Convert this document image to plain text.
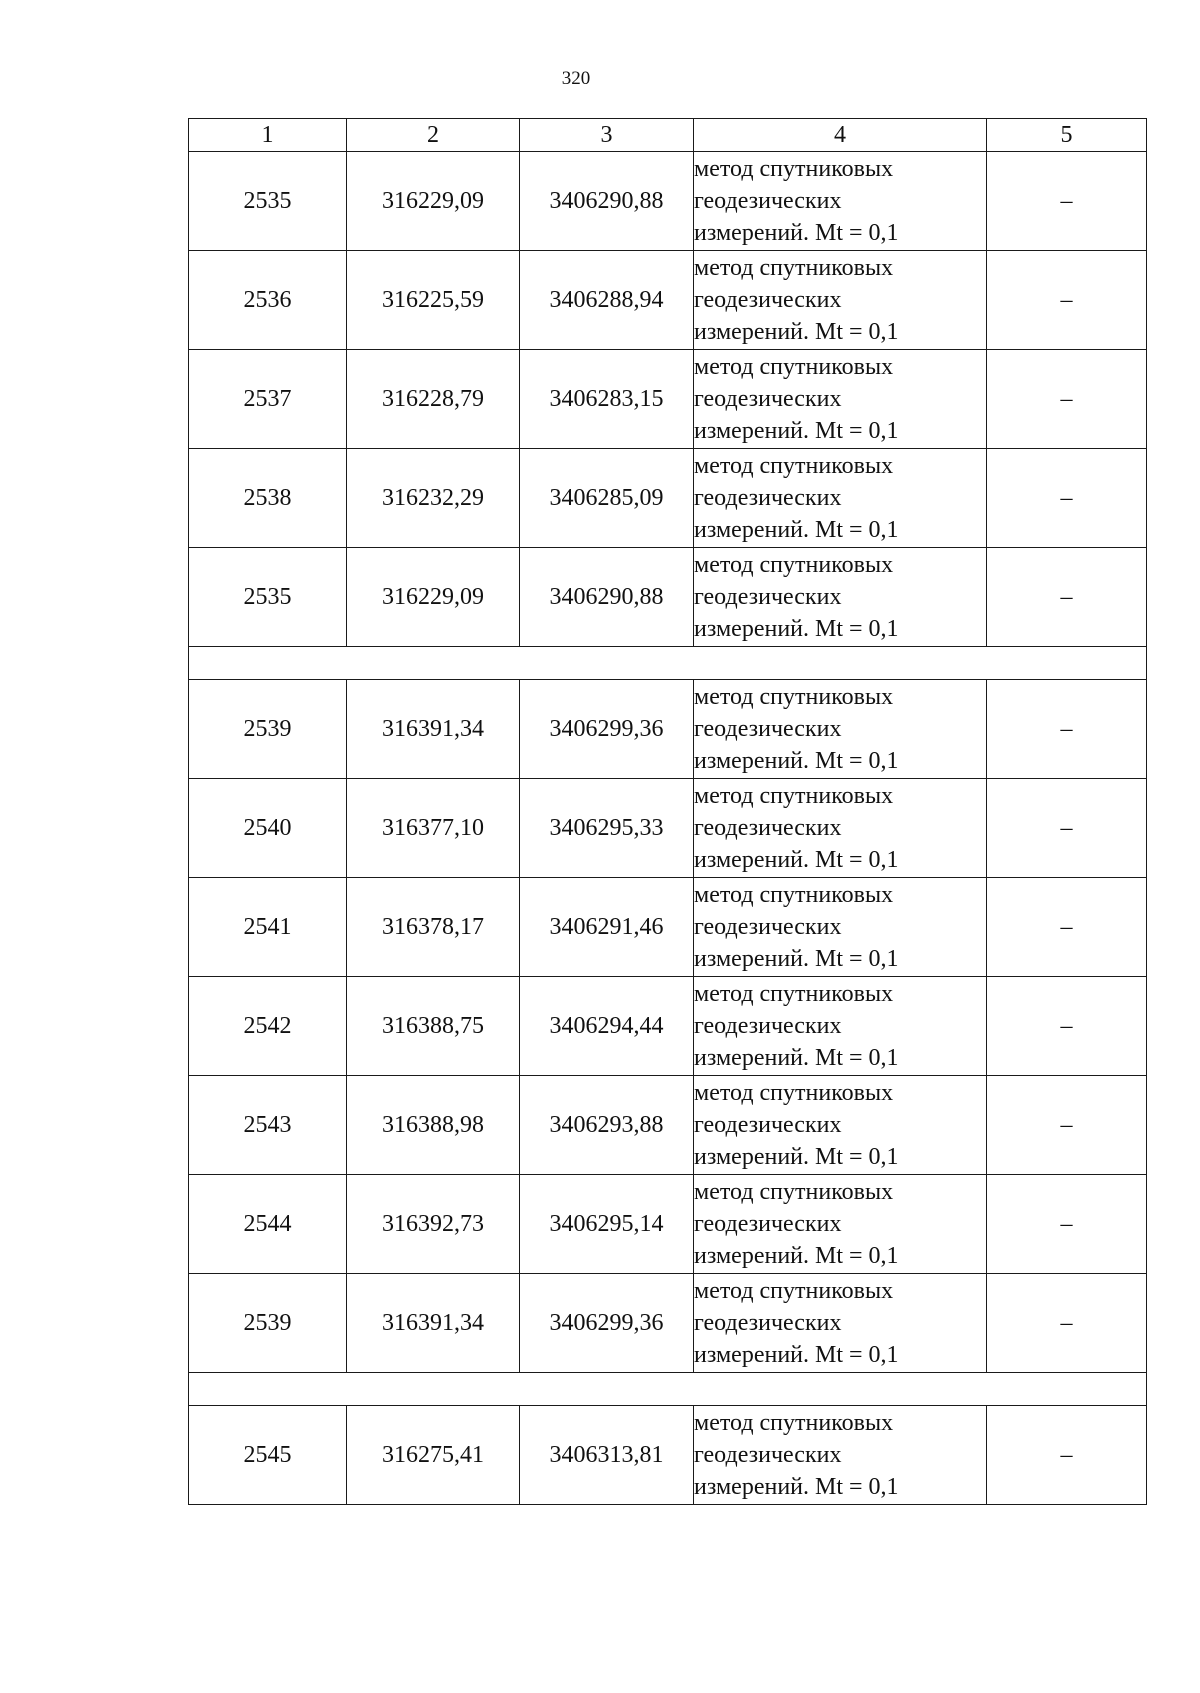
320
1	2	3	4	5
2535	316229,09	3406290,88	метод спутниковых
геодезических
измерений. Mt = 0,1	–
2536	316225,59	3406288,94	метод спутниковых
геодезических
измерений. Mt = 0,1	–
2537	316228,79	3406283,15	метод спутниковых
геодезических
измерений. Mt = 0,1	–
2538	316232,29	3406285,09	метод спутниковых
геодезических
измерений. Mt = 0,1	–
2535	316229,09	3406290,88	метод спутниковых
геодезических
измерений. Mt = 0,1	–

2539	316391,34	3406299,36	метод спутниковых
геодезических
измерений. Mt = 0,1	–
2540	316377,10	3406295,33	метод спутниковых
геодезических
измерений. Mt = 0,1	–
2541	316378,17	3406291,46	метод спутниковых
геодезических
измерений. Mt = 0,1	–
2542	316388,75	3406294,44	метод спутниковых
геодезических
измерений. Mt = 0,1	–
2543	316388,98	3406293,88	метод спутниковых
геодезических
измерений. Mt = 0,1	–
2544	316392,73	3406295,14	метод спутниковых
геодезических
измерений. Mt = 0,1	–
2539	316391,34	3406299,36	метод спутниковых
геодезических
измерений. Mt = 0,1	–

2545	316275,41	3406313,81	метод спутниковых
геодезических
измерений. Mt = 0,1	–
